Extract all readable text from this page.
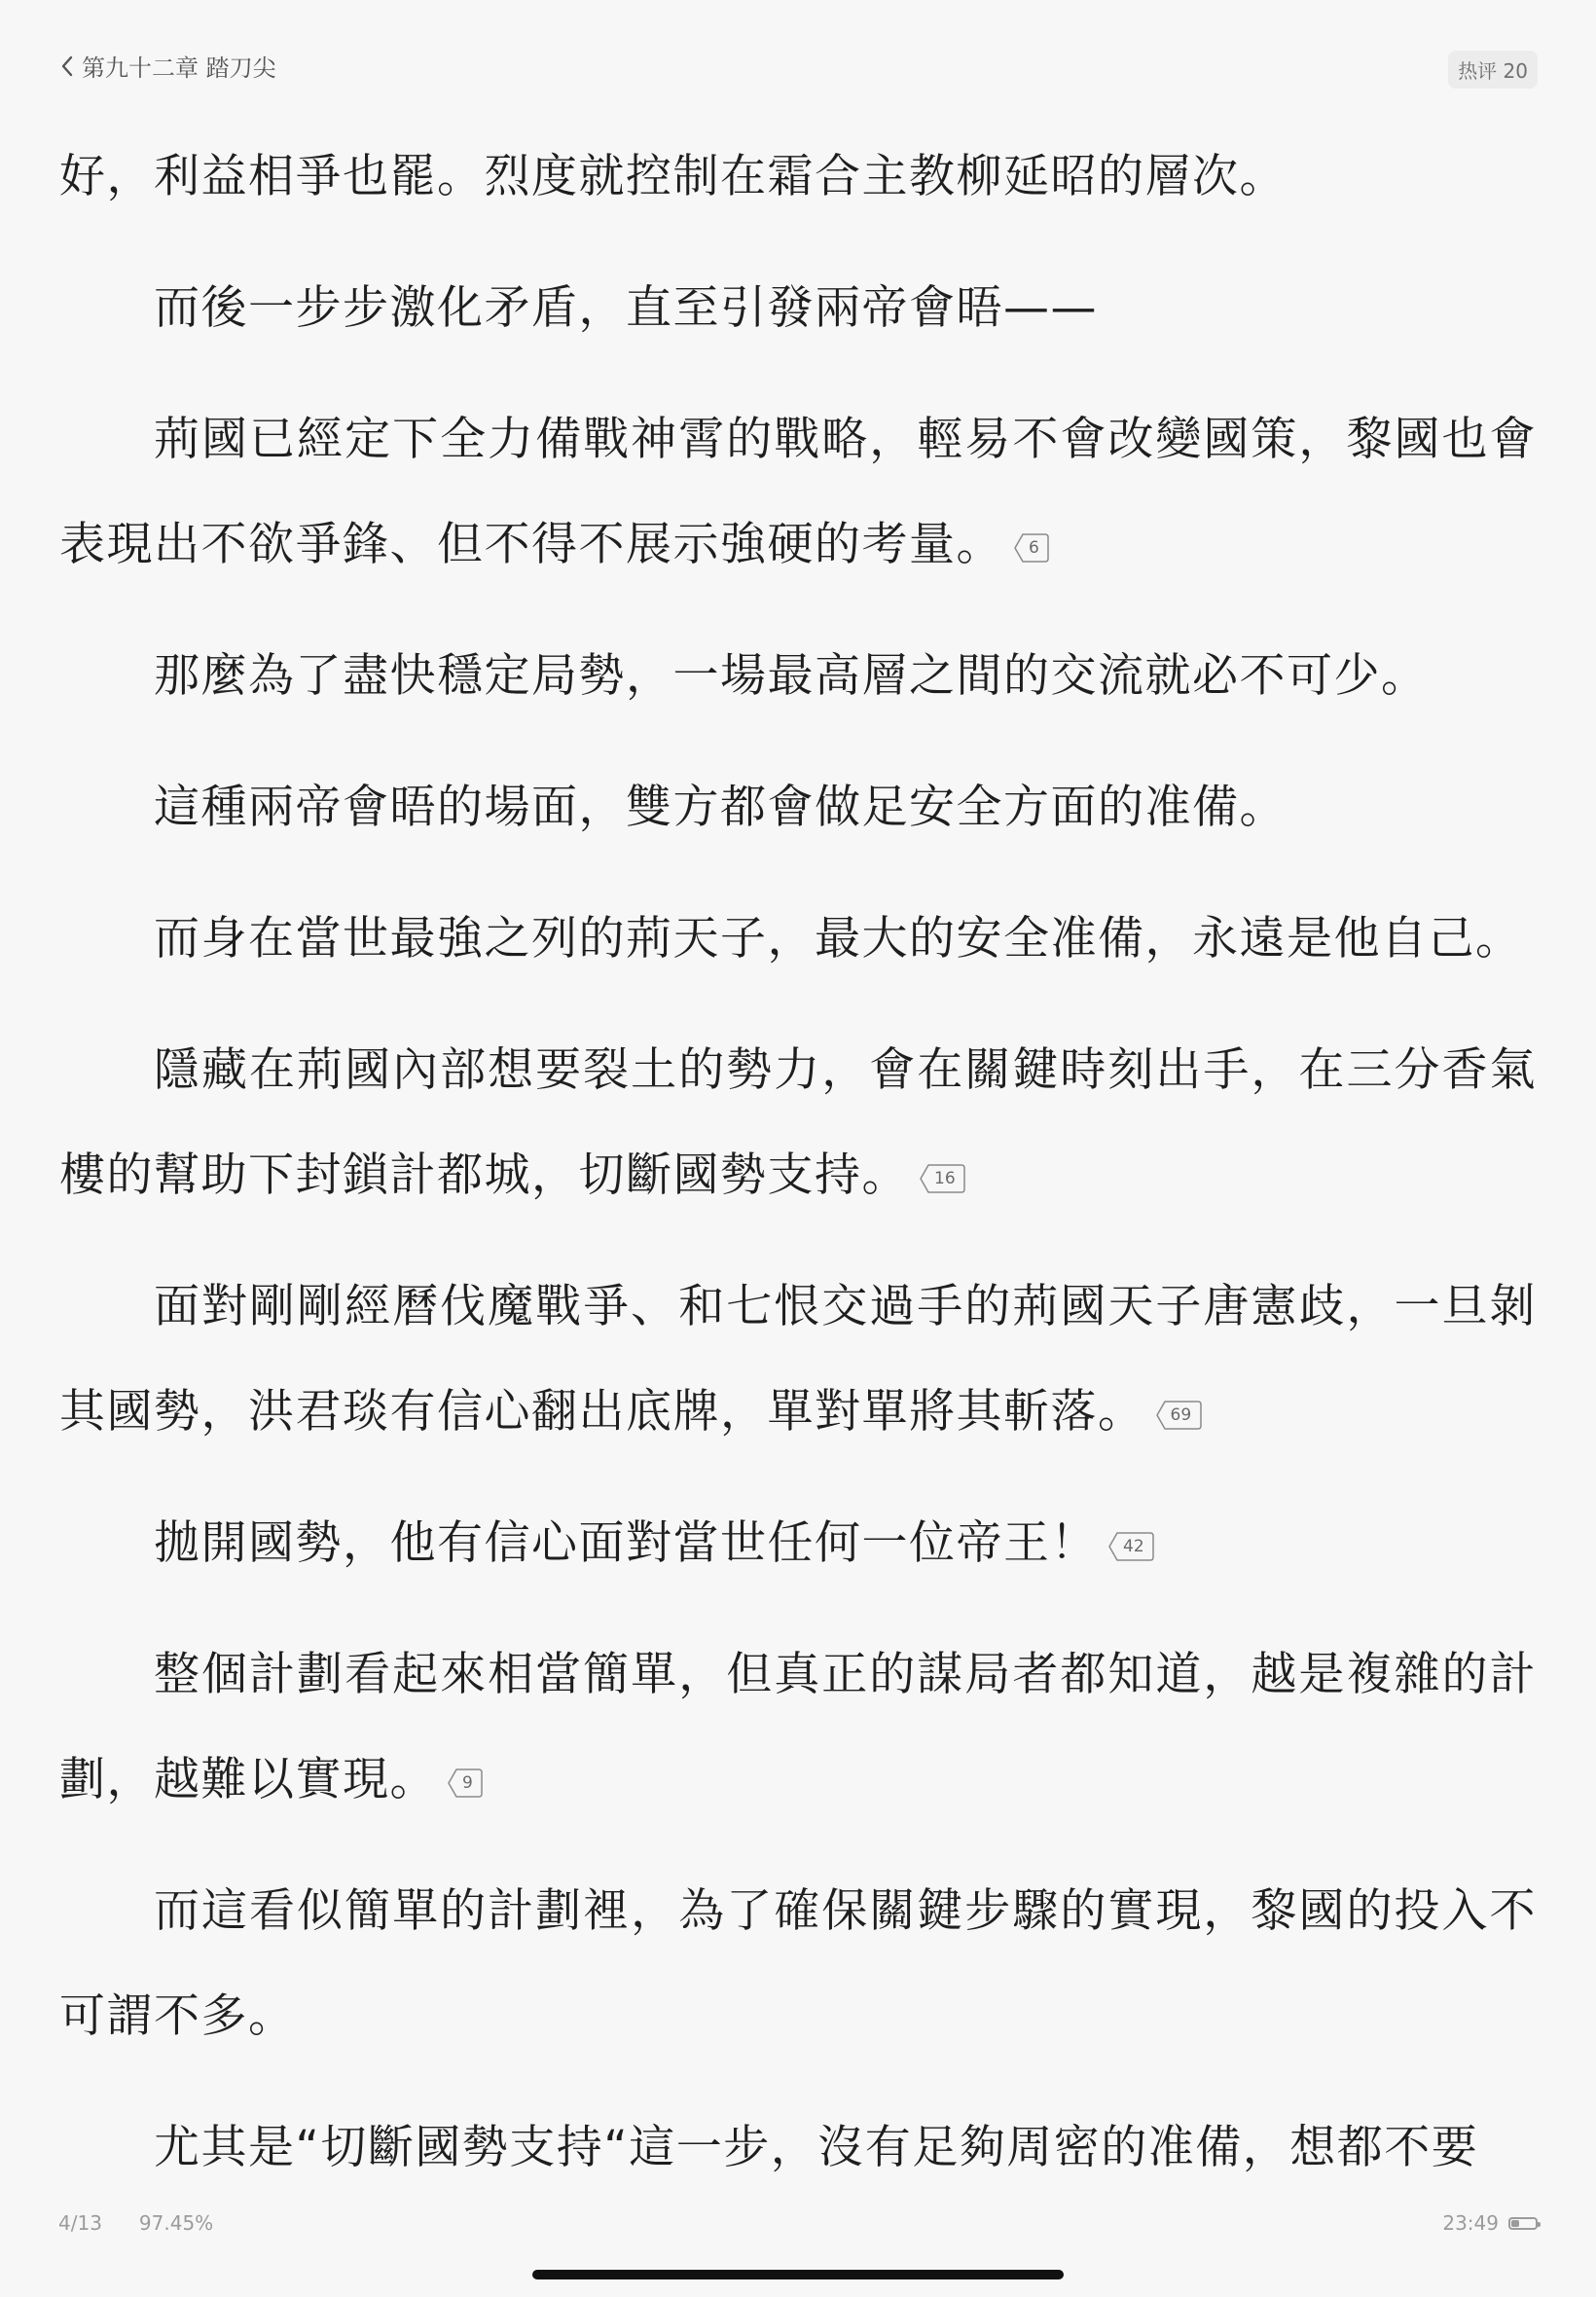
第九十二章 踏刀尖	热评 20

好，利益相爭也罷。烈度就控制在霜合主教柳延昭的層次。

而後一步步激化矛盾，直至引發兩帝會晤——

荊國已經定下全力備戰神霄的戰略，輕易不會改變國策，黎國也會表現出不欲爭鋒、但不得不展示強硬的考量。	6

那麼為了盡快穩定局勢，一場最高層之間的交流就必不可少。

這種兩帝會晤的場面，雙方都會做足安全方面的准備。

而身在當世最強之列的荊天子，最大的安全准備，永遠是他自己。

隱藏在荊國內部想要裂土的勢力，會在關鍵時刻出手，在三分香氣樓的幫助下封鎖計都城，切斷國勢支持。	16

面對剛剛經曆伐魔戰爭、和七恨交過手的荊國天子唐憲歧，一旦剝其國勢，洪君琰有信心翻出底牌，單對單將其斬落。	69

拋開國勢，他有信心面對當世任何一位帝王！	42

整個計劃看起來相當簡單，但真正的謀局者都知道，越是複雜的計劃，越難以實現。	9

而這看似簡單的計劃裡，為了確保關鍵步驟的實現，黎國的投入不可謂不多。

尤其是“切斷國勢支持“這一步，沒有足夠周密的准備，想都不要

4/13 97.45%	23:49
